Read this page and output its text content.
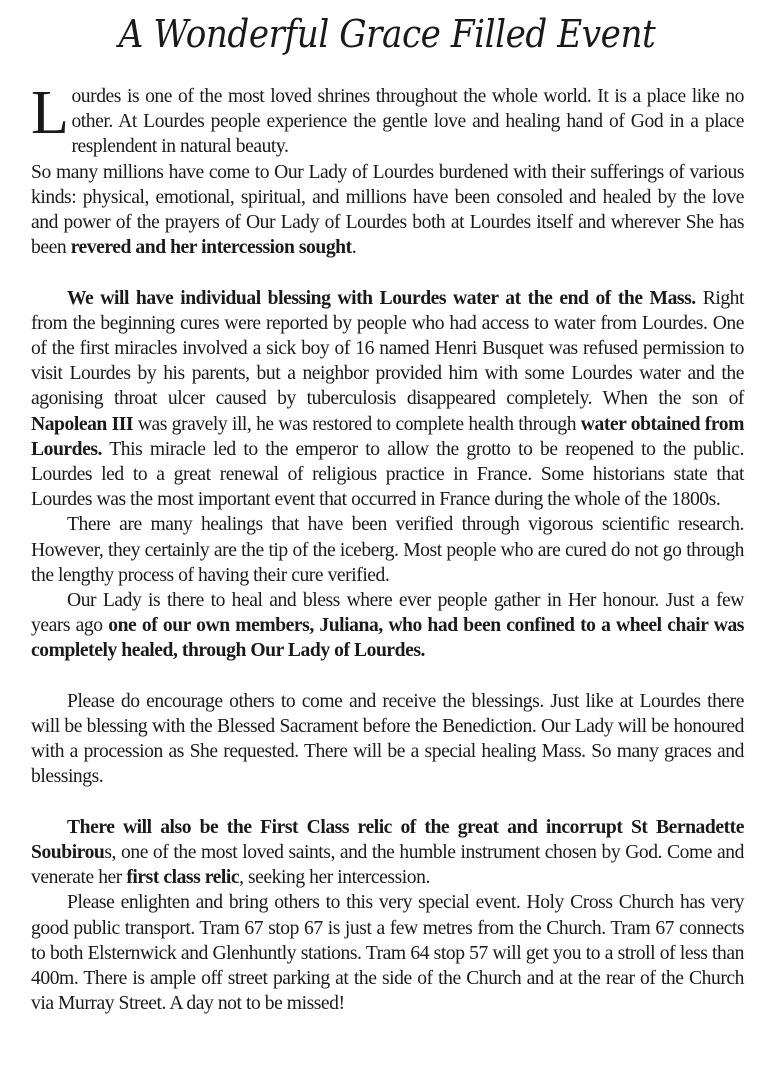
A Wonderful Grace Filled Event

Lourdes is one of the most loved shrines throughout the whole world. It is a place like no other. At Lourdes people experience the gentle love and healing hand of God in a place resplendent in natural beauty.

So many millions have come to Our Lady of Lourdes burdened with their sufferings of various kinds: physical, emotional, spiritual, and millions have been consoled and healed by the love and power of the prayers of Our Lady of Lourdes both at Lourdes itself and wherever She has been revered and her intercession sought.

We will have individual blessing with Lourdes water at the end of the Mass. Right from the beginning cures were reported by people who had access to water from Lourdes. One of the first miracles involved a sick boy of 16 named Henri Busquet was refused permission to visit Lourdes by his parents, but a neighbor provided him with some Lourdes water and the agonising throat ulcer caused by tuberculosis disappeared completely. When the son of Napolean III was gravely ill, he was restored to complete health through water obtained from Lourdes. This miracle led to the emperor to allow the grotto to be reopened to the public. Lourdes led to a great renewal of religious practice in France. Some historians state that Lourdes was the most important event that occurred in France during the whole of the 1800s.

There are many healings that have been verified through vigorous scientific research. However, they certainly are the tip of the iceberg. Most people who are cured do not go through the lengthy process of having their cure verified.

Our Lady is there to heal and bless where ever people gather in Her honour. Just a few years ago one of our own members, Juliana, who had been confined to a wheel chair was completely healed, through Our Lady of Lourdes.

Please do encourage others to come and receive the blessings. Just like at Lourdes there will be blessing with the Blessed Sacrament before the Benediction. Our Lady will be honoured with a procession as She requested. There will be a special healing Mass. So many graces and blessings.

There will also be the First Class relic of the great and incorrupt St Bernadette Soubirous, one of the most loved saints, and the humble instrument chosen by God. Come and venerate her first class relic, seeking her intercession.

Please enlighten and bring others to this very special event. Holy Cross Church has very good public transport. Tram 67 stop 67 is just a few metres from the Church. Tram 67 connects to both Elsternwick and Glenhuntly stations. Tram 64 stop 57 will get you to a stroll of less than 400m. There is ample off street parking at the side of the Church and at the rear of the Church via Murray Street. A day not to be missed!
